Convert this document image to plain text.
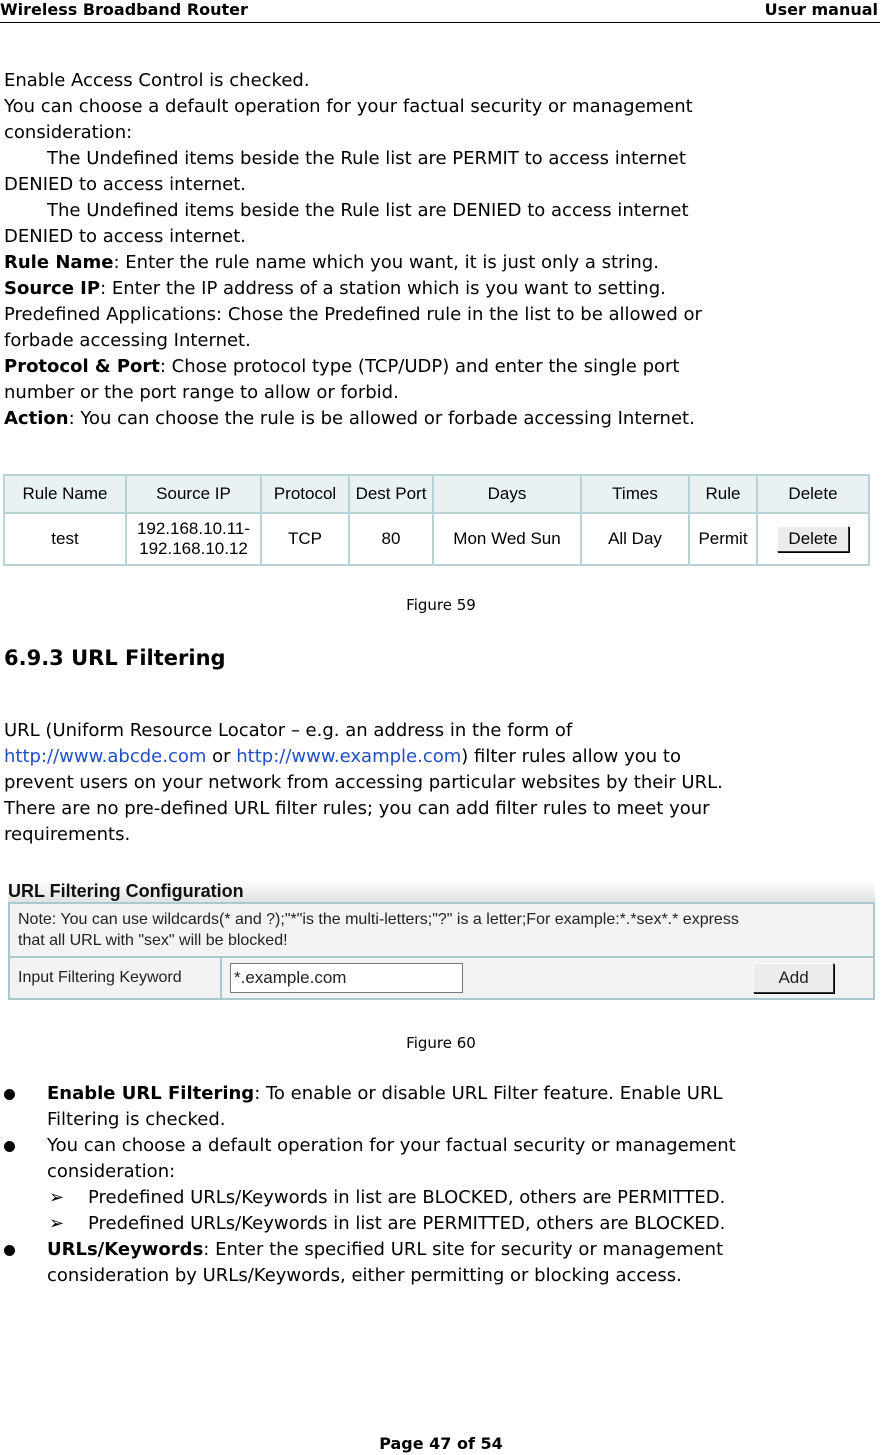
Wireless Broadband Router	User manual

Enable Access Control is checked.

You can choose a default operation for your factual security or management

consideration:

The Undefined items beside the Rule list are PERMIT to access internet

DENIED to access internet.

The Undefined items beside the Rule list are DENIED to access internet

DENIED to access internet.

Rule Name: Enter the rule name which you want, it is just only a string.

Source IP: Enter the IP address of a station which is you want to setting.

Predefined Applications: Chose the Predefined rule in the list to be allowed or

forbade accessing Internet.

Protocol & Port: Chose protocol type (TCP/UDP) and enter the single port

number or the port range to allow or forbid.

Action: You can choose the rule is be allowed or forbade accessing Internet.

Rule Name	Source IP	Protocol	Dest Port	Days	Times	Rule	Delete
test	192.168.10.11-
192.168.10.12	TCP	80	Mon Wed Sun	All Day	Permit	Delete
Figure 59
6.9.3 URL Filtering

URL (Uniform Resource Locator – e.g. an address in the form of

http://www.abcde.com or http://www.example.com) filter rules allow you to

prevent users on your network from accessing particular websites by their URL.

There are no pre-defined URL filter rules; you can add filter rules to meet your

requirements.

URL Filtering Configuration
Note: You can use wildcards(* and ?);"*"is the multi-letters;"?" is a letter;For example:*.*sex*.* express
that all URL with "sex" will be blocked!
Input Filtering Keyword	*.example.com	Add
Figure 60
Enable URL Filtering: To enable or disable URL Filter feature. Enable URL
Filtering is checked.
You can choose a default operation for your factual security or management
consideration:
➢ Predefined URLs/Keywords in list are BLOCKED, others are PERMITTED.
➢ Predefined URLs/Keywords in list are PERMITTED, others are BLOCKED.
URLs/Keywords: Enter the specified URL site for security or management
consideration by URLs/Keywords, either permitting or blocking access.
Page 47 of 54
